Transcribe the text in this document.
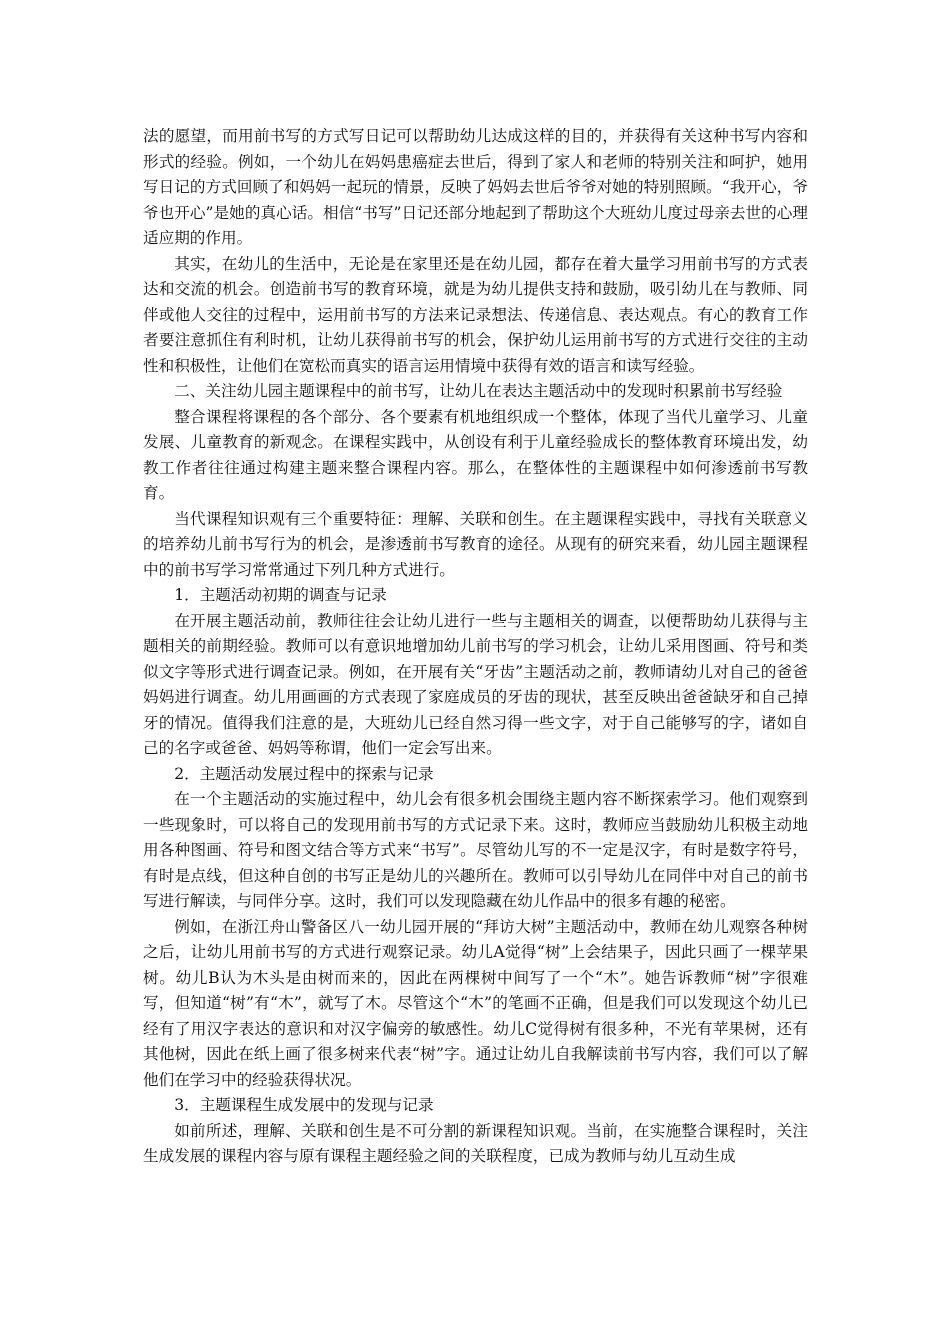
法的愿望，而用前书写的方式写日记可以帮助幼儿达成这样的目的，并获得有关这种书写内容和形式的经验。例如，一个幼儿在妈妈患癌症去世后，得到了家人和老师的特别关注和呵护，她用写日记的方式回顾了和妈妈一起玩的情景，反映了妈妈去世后爷爷对她的特别照顾。“我开心，爷爷也开心”是她的真心话。相信“书写”日记还部分地起到了帮助这个大班幼儿度过母亲去世的心理适应期的作用。

其实，在幼儿的生活中，无论是在家里还是在幼儿园，都存在着大量学习用前书写的方式表达和交流的机会。创造前书写的教育环境，就是为幼儿提供支持和鼓励，吸引幼儿在与教师、同伴或他人交往的过程中，运用前书写的方法来记录想法、传递信息、表达观点。有心的教育工作者要注意抓住有利时机，让幼儿获得前书写的机会，保护幼儿运用前书写的方式进行交往的主动性和积极性，让他们在宽松而真实的语言运用情境中获得有效的语言和读写经验。

二、关注幼儿园主题课程中的前书写，让幼儿在表达主题活动中的发现时积累前书写经验

整合课程将课程的各个部分、各个要素有机地组织成一个整体，体现了当代儿童学习、儿童发展、儿童教育的新观念。在课程实践中，从创设有利于儿童经验成长的整体教育环境出发，幼教工作者往往通过构建主题来整合课程内容。那么，在整体性的主题课程中如何渗透前书写教育。

当代课程知识观有三个重要特征：理解、关联和创生。在主题课程实践中，寻找有关联意义的培养幼儿前书写行为的机会，是渗透前书写教育的途径。从现有的研究来看，幼儿园主题课程中的前书写学习常常通过下列几种方式进行。

1．主题活动初期的调查与记录

在开展主题活动前，教师往往会让幼儿进行一些与主题相关的调查，以便帮助幼儿获得与主题相关的前期经验。教师可以有意识地增加幼儿前书写的学习机会，让幼儿采用图画、符号和类似文字等形式进行调查记录。例如，在开展有关“牙齿”主题活动之前，教师请幼儿对自己的爸爸妈妈进行调查。幼儿用画画的方式表现了家庭成员的牙齿的现状，甚至反映出爸爸缺牙和自己掉牙的情况。值得我们注意的是，大班幼儿已经自然习得一些文字，对于自己能够写的字，诸如自己的名字或爸爸、妈妈等称谓，他们一定会写出来。

2．主题活动发展过程中的探索与记录

在一个主题活动的实施过程中，幼儿会有很多机会围绕主题内容不断探索学习。他们观察到一些现象时，可以将自己的发现用前书写的方式记录下来。这时，教师应当鼓励幼儿积极主动地用各种图画、符号和图文结合等方式来“书写”。尽管幼儿写的不一定是汉字，有时是数字符号，有时是点线，但这种自创的书写正是幼儿的兴趣所在。教师可以引导幼儿在同伴中对自己的前书写进行解读，与同伴分享。这时，我们可以发现隐藏在幼儿作品中的很多有趣的秘密。

例如，在浙江舟山警备区八一幼儿园开展的“拜访大树”主题活动中，教师在幼儿观察各种树之后，让幼儿用前书写的方式进行观察记录。幼儿A觉得“树”上会结果子，因此只画了一棵苹果树。幼儿B认为木头是由树而来的，因此在两棵树中间写了一个“木”。她告诉教师“树”字很难写，但知道“树”有“木”，就写了木。尽管这个“木”的笔画不正确，但是我们可以发现这个幼儿已经有了用汉字表达的意识和对汉字偏旁的敏感性。幼儿C觉得树有很多种，不光有苹果树，还有其他树，因此在纸上画了很多树来代表“树”字。通过让幼儿自我解读前书写内容，我们可以了解他们在学习中的经验获得状况。

3．主题课程生成发展中的发现与记录

如前所述，理解、关联和创生是不可分割的新课程知识观。当前，在实施整合课程时，关注生成发展的课程内容与原有课程主题经验之间的关联程度，已成为教师与幼儿互动生成
